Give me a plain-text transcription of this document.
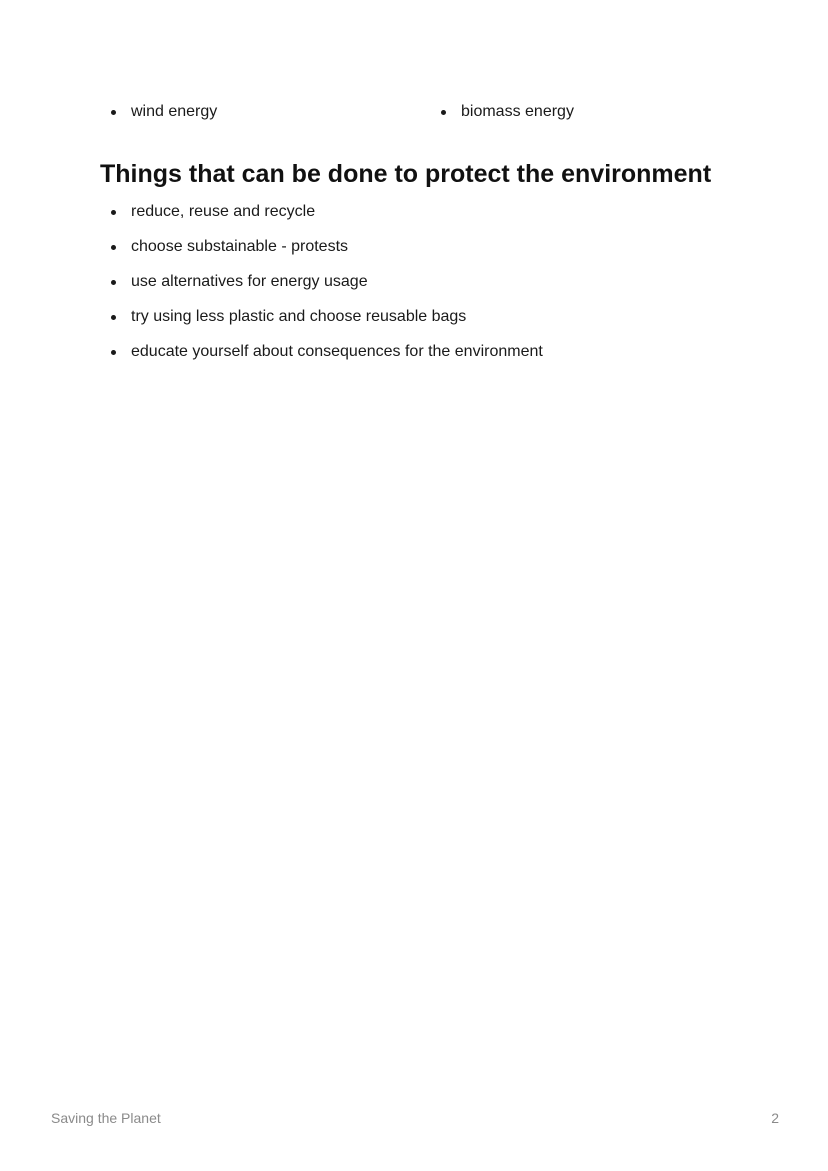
wind energy	biomass energy
Things that can be done to protect the environment
reduce, reuse and recycle
choose substainable - protests
use alternatives for energy usage
try using less plastic and choose reusable bags
educate yourself about consequences for the environment
Saving the Planet	2
